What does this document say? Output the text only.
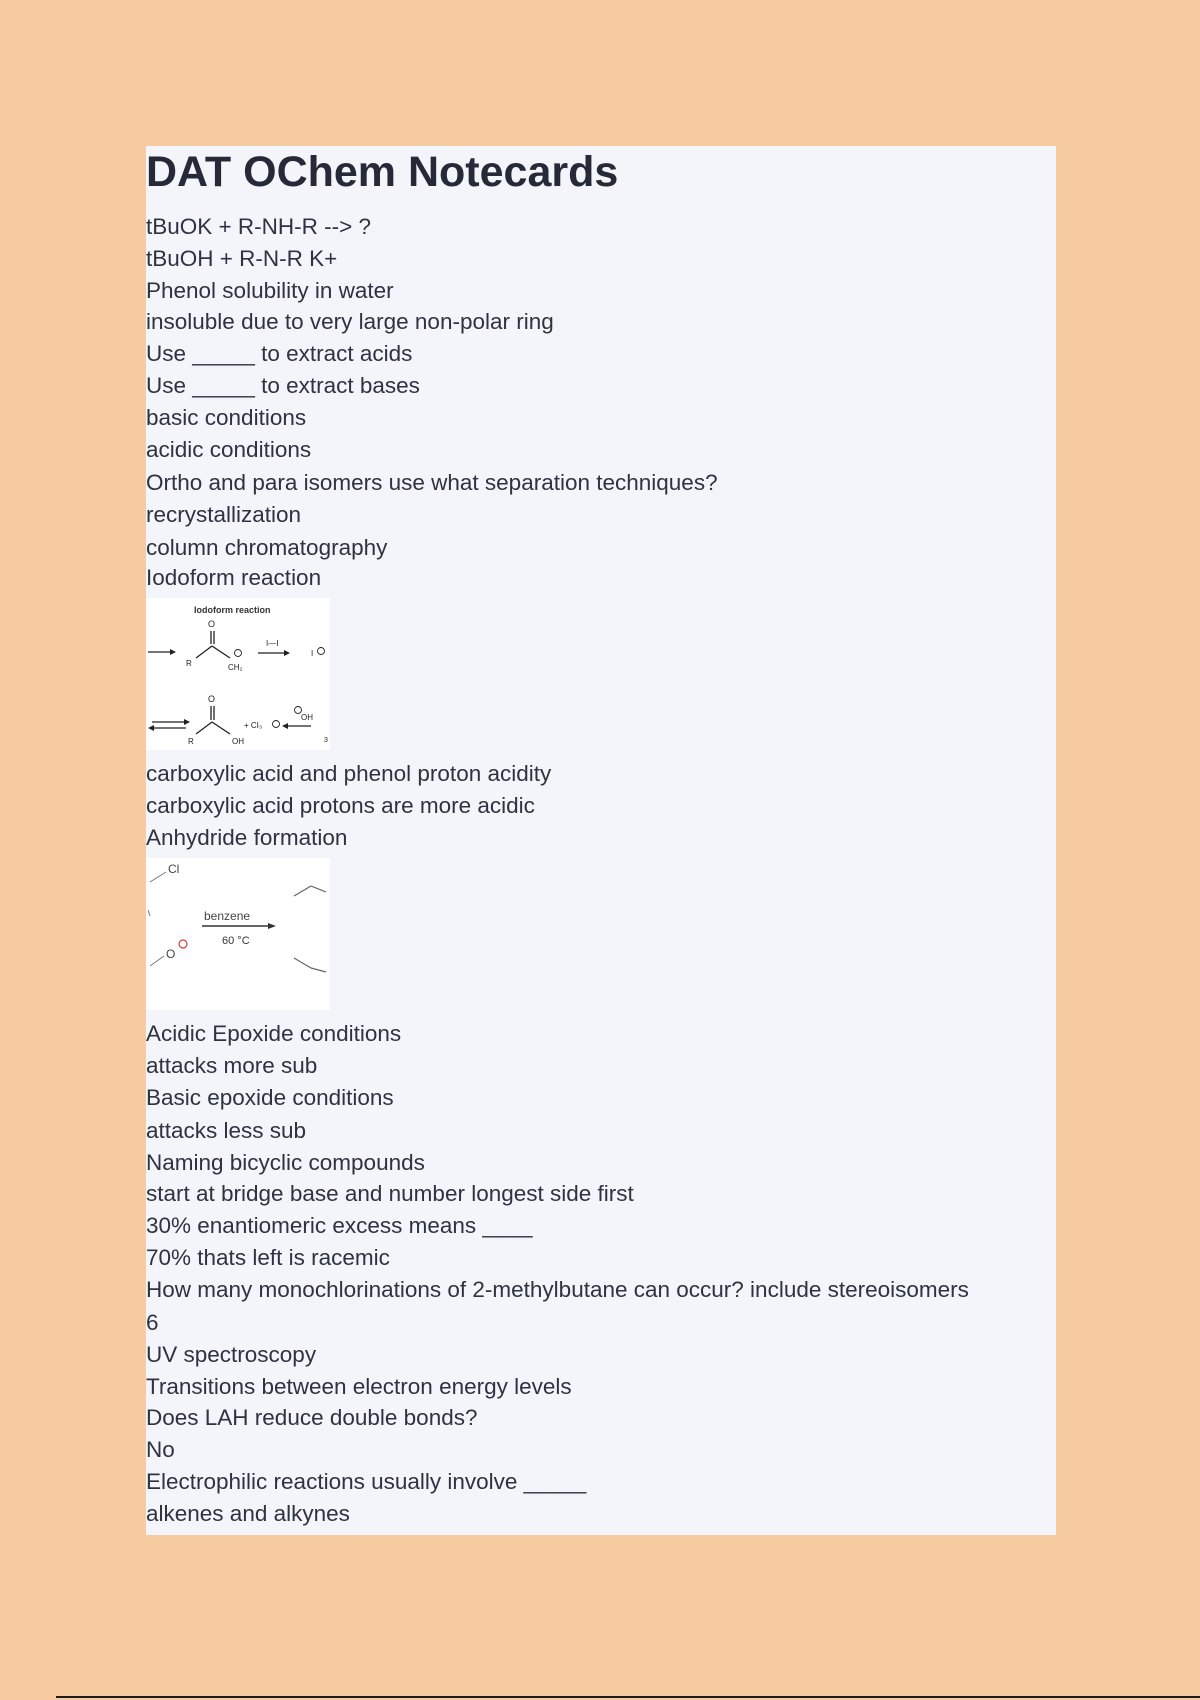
DAT OChem Notecards
tBuOK + R-NH-R --> ?
tBuOH + R-N-R K+
Phenol solubility in water
insoluble due to very large non-polar ring
Use _____ to extract acids
Use _____ to extract bases
basic conditions
acidic conditions
Ortho and para isomers use what separation techniques?
recrystallization
column chromatography
Iodoform reaction
Iodoform reaction
O
R	CH₂
I—I
I
O
R	OH
+ CI₃
OH
3
carboxylic acid and phenol proton acidity
carboxylic acid protons are more acidic
Anhydride formation
Cl
benzene
60 °C
O
Acidic Epoxide conditions
attacks more sub
Basic epoxide conditions
attacks less sub
Naming bicyclic compounds
start at bridge base and number longest side first
30% enantiomeric excess means ____
70% thats left is racemic
How many monochlorinations of 2-methylbutane can occur? include stereoisomers
6
UV spectroscopy
Transitions between electron energy levels
Does LAH reduce double bonds?
No
Electrophilic reactions usually involve _____
alkenes and alkynes
